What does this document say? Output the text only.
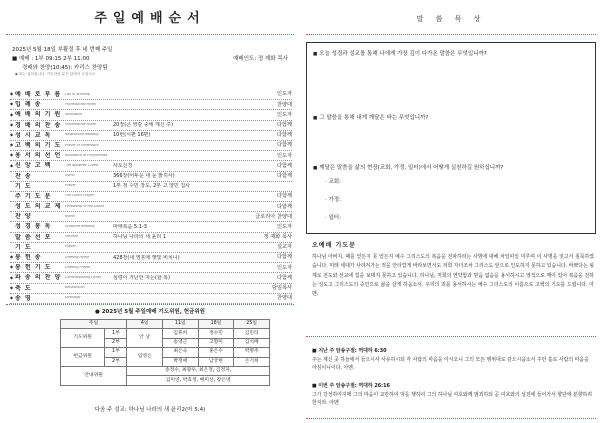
주일예배순서
2025년 5월 18일 부활절 후 네 번째 주일
■ 예배 : 1부 09:15 2부 11:00	예배인도: 정 재화 목사
경배와 찬양(10:45): 카리스 찬양팀
◆ 표는 일어섭니다. 기도하신 분은 앞에서 주십시오
◆ 예 배 로 부 름	Call to Worship	인도자
◆ 입 례 송	Processional Hymn	찬양대
◆ 예 배 의 기 원	Invocation	인도자
◆ 경 배 의 찬 송	Processional Hymn	20장(큰 영광 중에 계신 주)	다함께
◆ 성 시 교 독	Responsive Reading	10번(시편 16편)	다함께
◆ 고 백 의 기 도	Prayer of confession	다함께
◆ 용 서 의 선 언	Assurance of Forgiveness	인도자
◆ 신 앙 고 백	The Apostles' Creed	사도신경	다함께
찬 송	Hymn	366장(어두운 내 눈 밝히사)	다함께
기 도	Prayer	1부 정 수민 장도, 2부 고 양민 집사
주 기 도 문	The Lord's Prayer	다함께
성 도 의 교 제	Fellowship of the Saints	다함께
찬 양	Hymn	글로리아 찬양대
성 경 봉 독	Scripture Reading	마태복음 5:1-3	인도자
말 씀 선 포	Sermon	하나님 나라의 새 윤리 1	정 재화 목사
기 도	Prayer	설교자
◆ 봉 헌 송	Offering Hymn	428장(내 영혼에 햇빛 비치니)	다함께
◆ 봉 헌 기 도	Offering Prayer	인도자
◆ 파 송 의 찬 양	Commissioning Hymn	심령이 가난한 자는(찰 복)	다함께
◆ 축 도	Benediction	담임목사
◆ 송 영	Doxology	찬양대
● 2025년 5월 주일예배 기도위원, 헌금위원
주일		4일	11일	18일	25일
기도위원	1부	안 낭	김휴희	정수민	김민티
	2부		송영근	고향미	김석배
헌금위원	1부	임영은	최은숙	홍은수	박명주
	2부		박정애	남궁현	손기희
안내위원		송정수, 최광우, 최은정, 김정자,			
		김미연, 박효정, 배미선, 장은영			
다음 주 설교: 하나님 나라의 새 윤리2(마 5:4)
말 씀 묵 상
■ 오늘 성경과 설교를 통해 나에게 가장 깊이 다가온 말씀은 무엇입니까?
■ 그 말씀을 통해 내게 깨달은 바는 무엇입니까?
■ 깨달은 말씀을 삶의 현장(교회, 가정, 일터)에서 어떻게 실천하길 원하십니까?
· 교회:
· 가정:
· 일터:
오예배 기도문
하나님 아버지, 때를 얻든지 못 얻든지 예수 그리스도의 복음을 전파하라는 사명에 대해 차일피일 미루며 이 사명을 잊고서 침묵하였습니다. 미래 세대가 사라져가는 것을 안타깝게 바라보면서도 저희 자녀조차 그리스도 앞으로 인도하지 못하고 있습니다. 바쁘다는 핑계로 전도와 선교에 힘을 보태지 못하고 있습니다. 하나님, 저희의 연약함과 믿음 없음을 용서하시고 영적으로 깨어 있어 복음을 전하는 성도고 그리스도의 증인으로 삶을 살게 하옵소서. 우리의 죄를 용서하시는 예수 그리스도의 이름으로 고백의 기도를 드립니다. 아멘.
■ 지난 주 암송구절: 역대하 6:30
주는 계신 곳 하늘에서 들으시사 사유하시되 각 사람의 마음을 아시오니 그의 모든 행위대로 갚으시옵소서 주만 홀로 사람의 마음을 아심이니이다. 아멘.
■ 이번 주 암송구절: 역대하 26:16
그가 강성하여지매 그의 마음이 교만하여 악을 행하여 그의 하나님 여호와께 범죄하되 곧 여호와의 성전에 들어가서 향단에 분향하려 한지라. 아멘
